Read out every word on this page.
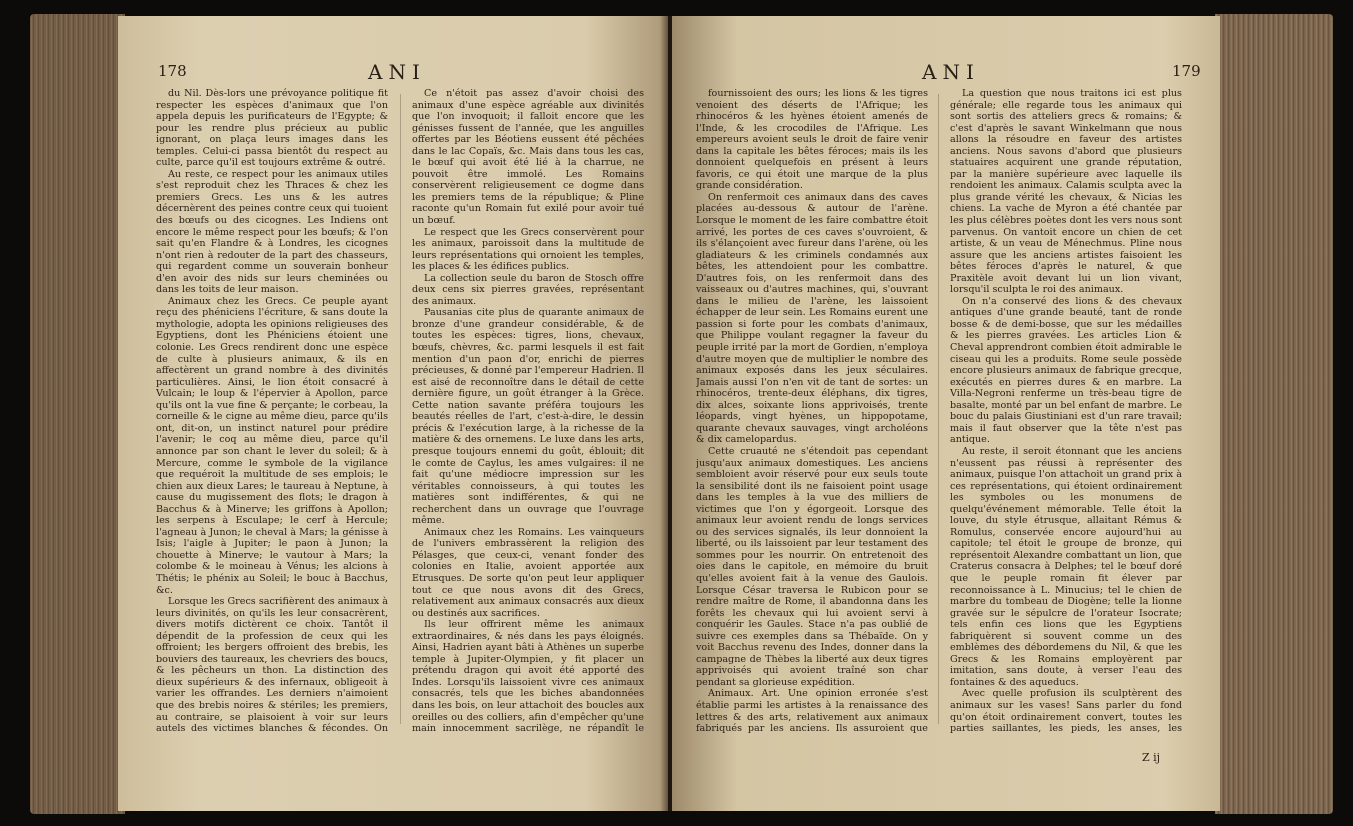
178	ANI

du Nil. Dès-lors une prévoyance politique fit respecter les espèces d'animaux que l'on appela depuis les purificateurs de l'Egypte; & pour les rendre plus précieux au public ignorant, on plaça leurs images dans les temples. Celui-ci passa bientôt du respect au culte, parce qu'il est toujours extrême & outré.

Au reste, ce respect pour les animaux utiles s'est reproduit chez les Thraces & chez les premiers Grecs. Les uns & les autres décernèrent des peines contre ceux qui tuoient des bœufs ou des cicognes. Les Indiens ont encore le même respect pour les bœufs; & l'on sait qu'en Flandre & à Londres, les cicognes n'ont rien à redouter de la part des chasseurs, qui regardent comme un souverain bonheur d'en avoir des nids sur leurs cheminées ou dans les toits de leur maison.

Animaux chez les Grecs. Ce peuple ayant reçu des phéniciens l'écriture, & sans doute la mythologie, adopta les opinions religieuses des Egyptiens, dont les Phéniciens étoient une colonie. Les Grecs rendirent donc une espèce de culte à plusieurs animaux, & ils en affectèrent un grand nombre à des divinités particulières. Ainsi, le lion étoit consacré à Vulcain; le loup & l'épervier à Apollon, parce qu'ils ont la vue fine & perçante; le corbeau, la corneille & le cigne au même dieu, parce qu'ils ont, dit-on, un instinct naturel pour prédire l'avenir; le coq au même dieu, parce qu'il annonce par son chant le lever du soleil; & à Mercure, comme le symbole de la vigilance que requéroit la multitude de ses emplois; le chien aux dieux Lares; le taureau à Neptune, à cause du mugissement des flots; le dragon à Bacchus & à Minerve; les griffons à Apollon; les serpens à Esculape; le cerf à Hercule; l'agneau à Junon; le cheval à Mars; la génisse à Isis; l'aigle à Jupiter; le paon à Junon; la chouette à Minerve; le vautour à Mars; la colombe & le moineau à Vénus; les alcions à Thétis; le phénix au Soleil; le bouc à Bacchus, &c.

Lorsque les Grecs sacrifièrent des animaux à leurs divinités, on qu'ils les leur consacrèrent, divers motifs dictèrent ce choix. Tantôt il dépendit de la profession de ceux qui les offroient; les bergers offroient des brebis, les bouviers des taureaux, les chevriers des boucs, & les pêcheurs un thon. La distinction des dieux supérieurs & des infernaux, obligeoit à varier les offrandes. Les derniers n'aimoient que des brebis noires & stériles; les premiers, au contraire, se plaisoient à voir sur leurs autels des victimes blanches & fécondes. On

Ce n'étoit pas assez d'avoir choisi des animaux d'une espèce agréable aux divinités que l'on invoquoit; il falloit encore que les génisses fussent de l'année, que les anguilles offertes par les Béotiens eussent été pêchées dans le lac Copaïs, &c. Mais dans tous les cas, le bœuf qui avoit été lié à la charrue, ne pouvoit être immolé. Les Romains conservèrent religieusement ce dogme dans les premiers tems de la république; & Pline raconte qu'un Romain fut exilé pour avoir tué un bœuf.

Le respect que les Grecs conservèrent pour les animaux, paroissoit dans la multitude de leurs représentations qui ornoient les temples, les places & les édifices publics.

La collection seule du baron de Stosch offre deux cens six pierres gravées, représentant des animaux.

Pausanias cite plus de quarante animaux de bronze d'une grandeur considérable, & de toutes les espèces: tigres, lions, chevaux, bœufs, chèvres, &c. parmi lesquels il est fait mention d'un paon d'or, enrichi de pierres précieuses, & donné par l'empereur Hadrien. Il est aisé de reconnoître dans le détail de cette dernière figure, un goût étranger à la Grèce. Cette nation savante préféra toujours les beautés réelles de l'art, c'est-à-dire, le dessin précis & l'exécution large, à la richesse de la matière & des ornemens. Le luxe dans les arts, presque toujours ennemi du goût, éblouit; dit le comte de Caylus, les ames vulgaires: il ne fait qu'une médiocre impression sur les véritables connoisseurs, à qui toutes les matières sont indifférentes, & qui ne recherchent dans un ouvrage que l'ouvrage même.

Animaux chez les Romains. Les vainqueurs de l'univers embrassèrent la religion des Pélasges, que ceux-ci, venant fonder des colonies en Italie, avoient apportée aux Etrusques. De sorte qu'on peut leur appliquer tout ce que nous avons dit des Grecs, relativement aux animaux consacrés aux dieux ou destinés aux sacrifices.

Ils leur offrirent même les animaux extraordinaires, & nés dans les pays éloignés. Ainsi, Hadrien ayant bâti à Athènes un superbe temple à Jupiter-Olympien, y fit placer un prétendu dragon qui avoit été apporté des Indes. Lorsqu'ils laissoient vivre ces animaux consacrés, tels que les biches abandonnées dans les bois, on leur attachoit des boucles aux oreilles ou des colliers, afin d'empêcher qu'une main innocemment sacrilège, ne répandît le

ANI	179

fournissoient des ours; les lions & les tigres venoient des déserts de l'Afrique; les rhinocéros & les hyènes étoient amenés de l'Inde, & les crocodiles de l'Afrique. Les empereurs avoient seuls le droit de faire venir dans la capitale les bêtes féroces; mais ils les donnoient quelquefois en présent à leurs favoris, ce qui étoit une marque de la plus grande considération.

On renfermoit ces animaux dans des caves placées au-dessous & autour de l'arène. Lorsque le moment de les faire combattre étoit arrivé, les portes de ces caves s'ouvroient, & ils s'élançoient avec fureur dans l'arène, où les gladiateurs & les criminels condamnés aux bêtes, les attendoient pour les combattre. D'autres fois, on les renfermoit dans des vaisseaux ou d'autres machines, qui, s'ouvrant dans le milieu de l'arène, les laissoient échapper de leur sein. Les Romains eurent une passion si forte pour les combats d'animaux, que Philippe voulant regagner la faveur du peuple irrité par la mort de Gordien, n'employa d'autre moyen que de multiplier le nombre des animaux exposés dans les jeux séculaires. Jamais aussi l'on n'en vit de tant de sortes: un rhinocéros, trente-deux éléphans, dix tigres, dix alces, soixante lions apprivoisés, trente léopards, vingt hyènes, un hippopotame, quarante chevaux sauvages, vingt archoléons & dix camelopardus.

Cette cruauté ne s'étendoit pas cependant jusqu'aux animaux domestiques. Les anciens sembloient avoir réservé pour eux seuls toute la sensibilité dont ils ne faisoient point usage dans les temples à la vue des milliers de victimes que l'on y égorgeoit. Lorsque des animaux leur avoient rendu de longs services ou des services signalés, ils leur donnoient la liberté, ou ils laissoient par leur testament des sommes pour les nourrir. On entretenoit des oies dans le capitole, en mémoire du bruit qu'elles avoient fait à la venue des Gaulois. Lorsque César traversa le Rubicon pour se rendre maître de Rome, il abandonna dans les forêts les chevaux qui lui avoient servi à conquérir les Gaules. Stace n'a pas oublié de suivre ces exemples dans sa Thébaïde. On y voit Bacchus revenu des Indes, donner dans la campagne de Thèbes la liberté aux deux tigres apprivoisés qui avoient traîné son char pendant sa glorieuse expédition.

Animaux. Art. Une opinion erronée s'est établie parmi les artistes à la renaissance des lettres & des arts, relativement aux animaux fabriqués par les anciens. Ils assuroient que

La question que nous traitons ici est plus générale; elle regarde tous les animaux qui sont sortis des atteliers grecs & romains; & c'est d'après le savant Winkelmann que nous allons la résoudre en faveur des artistes anciens. Nous savons d'abord que plusieurs statuaires acquirent une grande réputation, par la manière supérieure avec laquelle ils rendoient les animaux. Calamis sculpta avec la plus grande vérité les chevaux, & Nicias les chiens. La vache de Myron a été chantée par les plus célèbres poètes dont les vers nous sont parvenus. On vantoit encore un chien de cet artiste, & un veau de Ménechmus. Pline nous assure que les anciens artistes faisoient les bêtes féroces d'après le naturel, & que Praxitèle avoit devant lui un lion vivant, lorsqu'il sculpta le roi des animaux.

On n'a conservé des lions & des chevaux antiques d'une grande beauté, tant de ronde bosse & de demi-bosse, que sur les médailles & les pierres gravées. Les articles Lion & Cheval apprendront combien étoit admirable le ciseau qui les a produits. Rome seule possède encore plusieurs animaux de fabrique grecque, exécutés en pierres dures & en marbre. La Villa-Negroni renferme un très-beau tigre de basalte, monté par un bel enfant de marbre. Le bouc du palais Giustiniani est d'un rare travail; mais il faut observer que la tête n'est pas antique.

Au reste, il seroit étonnant que les anciens n'eussent pas réussi à représenter des animaux, puisque l'on attachoit un grand prix à ces représentations, qui étoient ordinairement les symboles ou les monumens de quelqu'événement mémorable. Telle étoit la louve, du style étrusque, allaitant Rémus & Romulus, conservée encore aujourd'hui au capitole; tel étoit le groupe de bronze, qui représentoit Alexandre combattant un lion, que Craterus consacra à Delphes; tel le bœuf doré que le peuple romain fit élever par reconnoissance à L. Minucius; tel le chien de marbre du tombeau de Diogène; telle la lionne gravée sur le sépulcre de l'orateur Isocrate; tels enfin ces lions que les Egyptiens fabriquèrent si souvent comme un des emblèmes des débordemens du Nil, & que les Grecs & les Romains employèrent par imitation, sans doute, à verser l'eau des fontaines & des aqueducs.

Avec quelle profusion ils sculptèrent des animaux sur les vases! Sans parler du fond qu'on étoit ordinairement convert, toutes les parties saillantes, les pieds, les anses, les

Z ij
